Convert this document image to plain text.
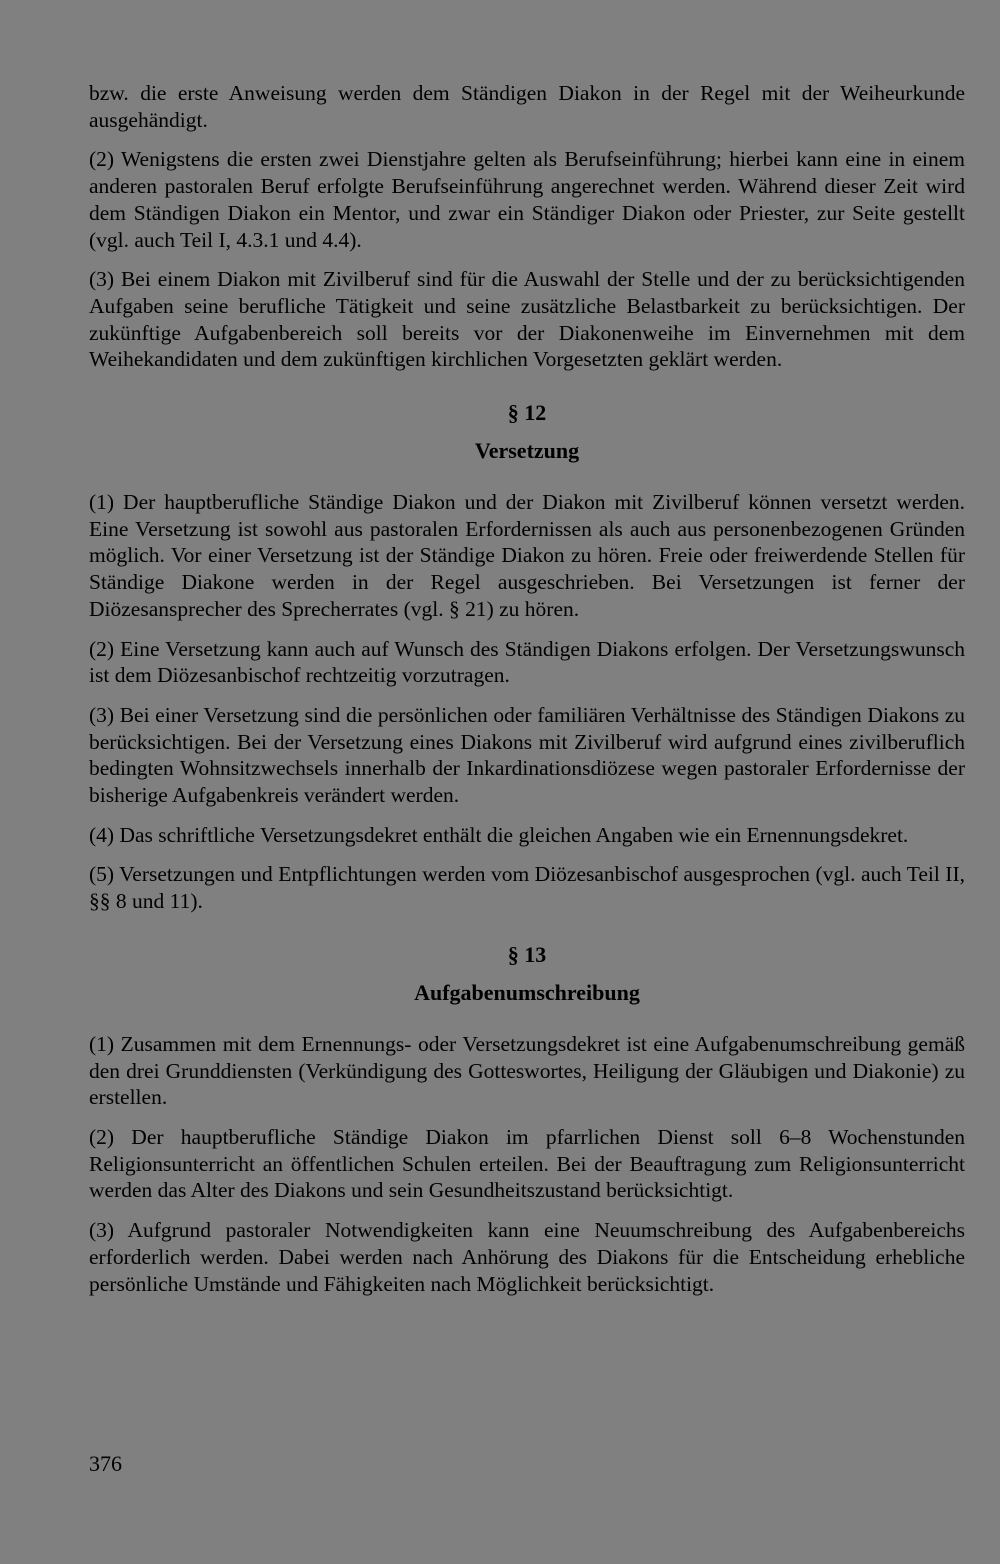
bzw. die erste Anweisung werden dem Ständigen Diakon in der Regel mit der Weiheurkunde ausgehändigt.

(2) Wenigstens die ersten zwei Dienstjahre gelten als Berufseinführung; hierbei kann eine in einem anderen pastoralen Beruf erfolgte Berufseinführung angerechnet werden. Während dieser Zeit wird dem Ständigen Diakon ein Mentor, und zwar ein Ständiger Diakon oder Priester, zur Seite gestellt (vgl. auch Teil I, 4.3.1 und 4.4).

(3) Bei einem Diakon mit Zivilberuf sind für die Auswahl der Stelle und der zu berücksichtigenden Aufgaben seine berufliche Tätigkeit und seine zusätzliche Belastbarkeit zu berücksichtigen. Der zukünftige Aufgabenbereich soll bereits vor der Diakonenweihe im Einvernehmen mit dem Weihekandidaten und dem zukünftigen kirchlichen Vorgesetzten geklärt werden.

§ 12
Versetzung

(1) Der hauptberufliche Ständige Diakon und der Diakon mit Zivilberuf können versetzt werden. Eine Versetzung ist sowohl aus pastoralen Erfordernissen als auch aus personenbezogenen Gründen möglich. Vor einer Versetzung ist der Ständige Diakon zu hören. Freie oder freiwerdende Stellen für Ständige Diakone werden in der Regel ausgeschrieben. Bei Versetzungen ist ferner der Diözesansprecher des Sprecherrates (vgl. § 21) zu hören.

(2) Eine Versetzung kann auch auf Wunsch des Ständigen Diakons erfolgen. Der Versetzungswunsch ist dem Diözesanbischof rechtzeitig vorzutragen.

(3) Bei einer Versetzung sind die persönlichen oder familiären Verhältnisse des Ständigen Diakons zu berücksichtigen. Bei der Versetzung eines Diakons mit Zivilberuf wird aufgrund eines zivilberuflich bedingten Wohnsitzwechsels innerhalb der Inkardinationsdiözese wegen pastoraler Erfordernisse der bisherige Aufgabenkreis verändert werden.

(4) Das schriftliche Versetzungsdekret enthält die gleichen Angaben wie ein Ernennungsdekret.

(5) Versetzungen und Entpflichtungen werden vom Diözesanbischof ausgesprochen (vgl. auch Teil II, §§ 8 und 11).

§ 13
Aufgabenumschreibung

(1) Zusammen mit dem Ernennungs- oder Versetzungsdekret ist eine Aufgabenumschreibung gemäß den drei Grunddiensten (Verkündigung des Gotteswortes, Heiligung der Gläubigen und Diakonie) zu erstellen.

(2) Der hauptberufliche Ständige Diakon im pfarrlichen Dienst soll 6–8 Wochenstunden Religionsunterricht an öffentlichen Schulen erteilen. Bei der Beauftragung zum Religionsunterricht werden das Alter des Diakons und sein Gesundheitszustand berücksichtigt.

(3) Aufgrund pastoraler Notwendigkeiten kann eine Neuumschreibung des Aufgabenbereichs erforderlich werden. Dabei werden nach Anhörung des Diakons für die Entscheidung erhebliche persönliche Umstände und Fähigkeiten nach Möglichkeit berücksichtigt.

376
